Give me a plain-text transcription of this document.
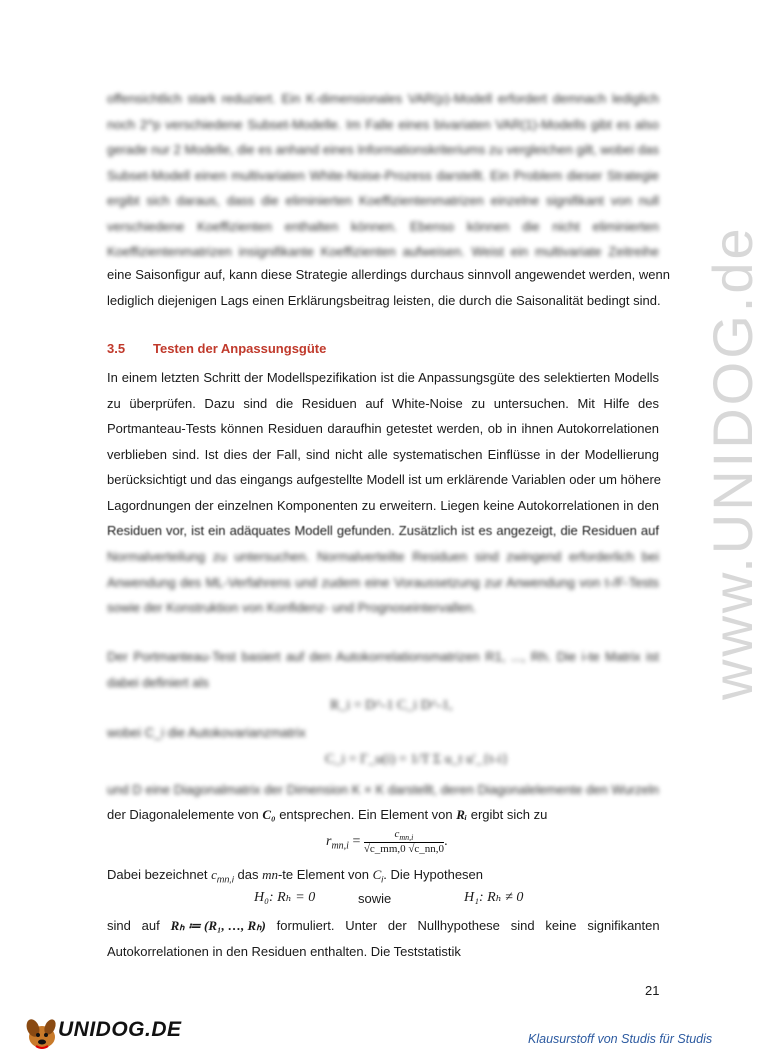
offensichtlich stark reduziert. Ein K-dimensionales VAR(p)-Modell erfordert demnach lediglich
noch 2^p verschiedene Subset-Modelle. Im Falle eines bivariaten VAR(1)-Modells gibt es also
gerade nur 2 Modelle, die es anhand eines Informationskriteriums zu vergleichen gilt, wobei das
Subset-Modell einen multivariaten White-Noise-Prozess darstellt. Ein Problem dieser Strategie
ergibt sich daraus, dass die eliminierten Koeffizientenmatrizen einzelne signifikant von null
verschiedene Koeffizienten enthalten können. Ebenso können die nicht eliminierten
Koeffizientenmatrizen insignifikante Koeffizienten aufweisen. Weist ein multivariate Zeitreihe
eine Saisonfigur auf, kann diese Strategie allerdings durchaus sinnvoll angewendet werden, wenn
lediglich diejenigen Lags einen Erklärungsbeitrag leisten, die durch die Saisonalität bedingt sind.
3.5 Testen der Anpassungsgüte
In einem letzten Schritt der Modellspezifikation ist die Anpassungsgüte des selektierten Modells
zu überprüfen. Dazu sind die Residuen auf White-Noise zu untersuchen. Mit Hilfe des
Portmanteau-Tests können Residuen daraufhin getestet werden, ob in ihnen Autokorrelationen
verblieben sind. Ist dies der Fall, sind nicht alle systematischen Einflüsse in der Modellierung
berücksichtigt und das eingangs aufgestellte Modell ist um erklärende Variablen oder um höhere
Lagordnungen der einzelnen Komponenten zu erweitern. Liegen keine Autokorrelationen in den
Residuen vor, ist ein adäquates Modell gefunden. Zusätzlich ist es angezeigt, die Residuen auf
Normalverteilung zu untersuchen. Normalverteilte Residuen sind zwingend erforderlich bei
Anwendung des ML-Verfahrens und zudem eine Voraussetzung zur Anwendung von t-/F-Tests
sowie der Konstruktion von Konfidenz- und Prognoseintervallen.
Der Portmanteau-Test basiert auf den Autokorrelationsmatrizen R1, ..., Rh. Die i-te Matrix ist
dabei definiert als
R_i = D^-1 C_i D^-1,
wobei C_i die Autokovarianzmatrix
C_i = Γ_u(i) = 1/T Σ u_t u'_{t-i}
und D eine Diagonalmatrix der Dimension K × K darstellt, deren Diagonalelemente den Wurzeln
der Diagonalelemente von C₀ entsprechen. Ein Element von Rᵢ ergibt sich zu
$r_{mn,i} = \frac{c_{mn,i}}{√c\_mm,0 √c\_nn,0}$ .
Dabei bezeichnet $c_{mn,i}$ das mn-te Element von $C_i$. Die Hypothesen
H₀: Rₕ = 0	sowie	H₁: Rₕ ≠ 0
sind   auf   Rₕ ≔ (R₁, …, Rₕ)   formuliert.   Unter   der   Nullhypothese   sind   keine   signifikanten
Autokorrelationen in den Residuen enthalten. Die Teststatistik
www.UNIDOG.de
21
UNIDOG.DE	Klausurstoff von Studis für Studis
